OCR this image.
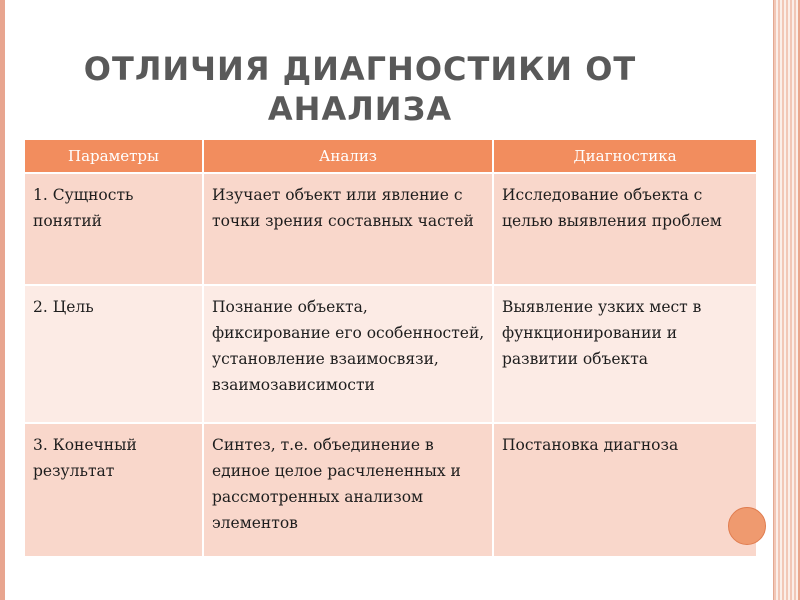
ОТЛИЧИЯ ДИАГНОСТИКИ ОТ АНАЛИЗА
Параметры	Анализ	Диагностика

1. Сущность понятий	Изучает объект или явление с точки зрения составных частей	Исследование объекта с целью выявления проблем

2. Цель	Познание объекта, фиксирование его особенностей, установление взаимосвязи, взаимозависимости	Выявление узких мест в функционировании и развитии объекта

3. Конечный результат	Синтез, т.е. объединение в единое целое расчлененных и рассмотренных анализом элементов	Постановка диагноза
